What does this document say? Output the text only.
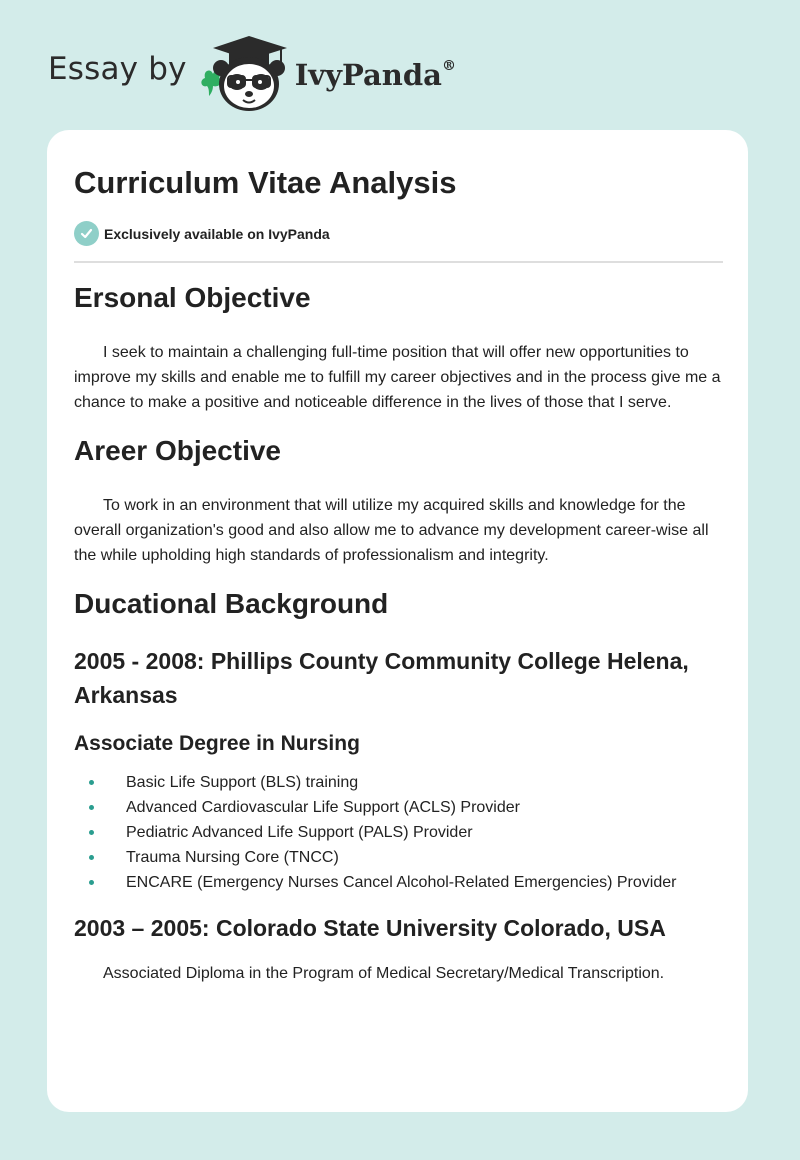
Essay by	IvyPanda®
Curriculum Vitae Analysis
Exclusively available on IvyPanda
Ersonal Objective

I seek to maintain a challenging full-time position that will offer new opportunities to improve my skills and enable me to fulfill my career objectives and in the process give me a chance to make a positive and noticeable difference in the lives of those that I serve.

Areer Objective

To work in an environment that will utilize my acquired skills and knowledge for the overall organization's good and also allow me to advance my development career-wise all the while upholding high standards of professionalism and integrity.

Ducational Background
2005 - 2008: Phillips County Community College Helena, Arkansas
Associate Degree in Nursing
Basic Life Support (BLS) training
Advanced Cardiovascular Life Support (ACLS) Provider
Pediatric Advanced Life Support (PALS) Provider
Trauma Nursing Core (TNCC)
ENCARE (Emergency Nurses Cancel Alcohol-Related Emergencies) Provider
2003 – 2005: Colorado State University Colorado, USA

Associated Diploma in the Program of Medical Secretary/Medical Transcription.
